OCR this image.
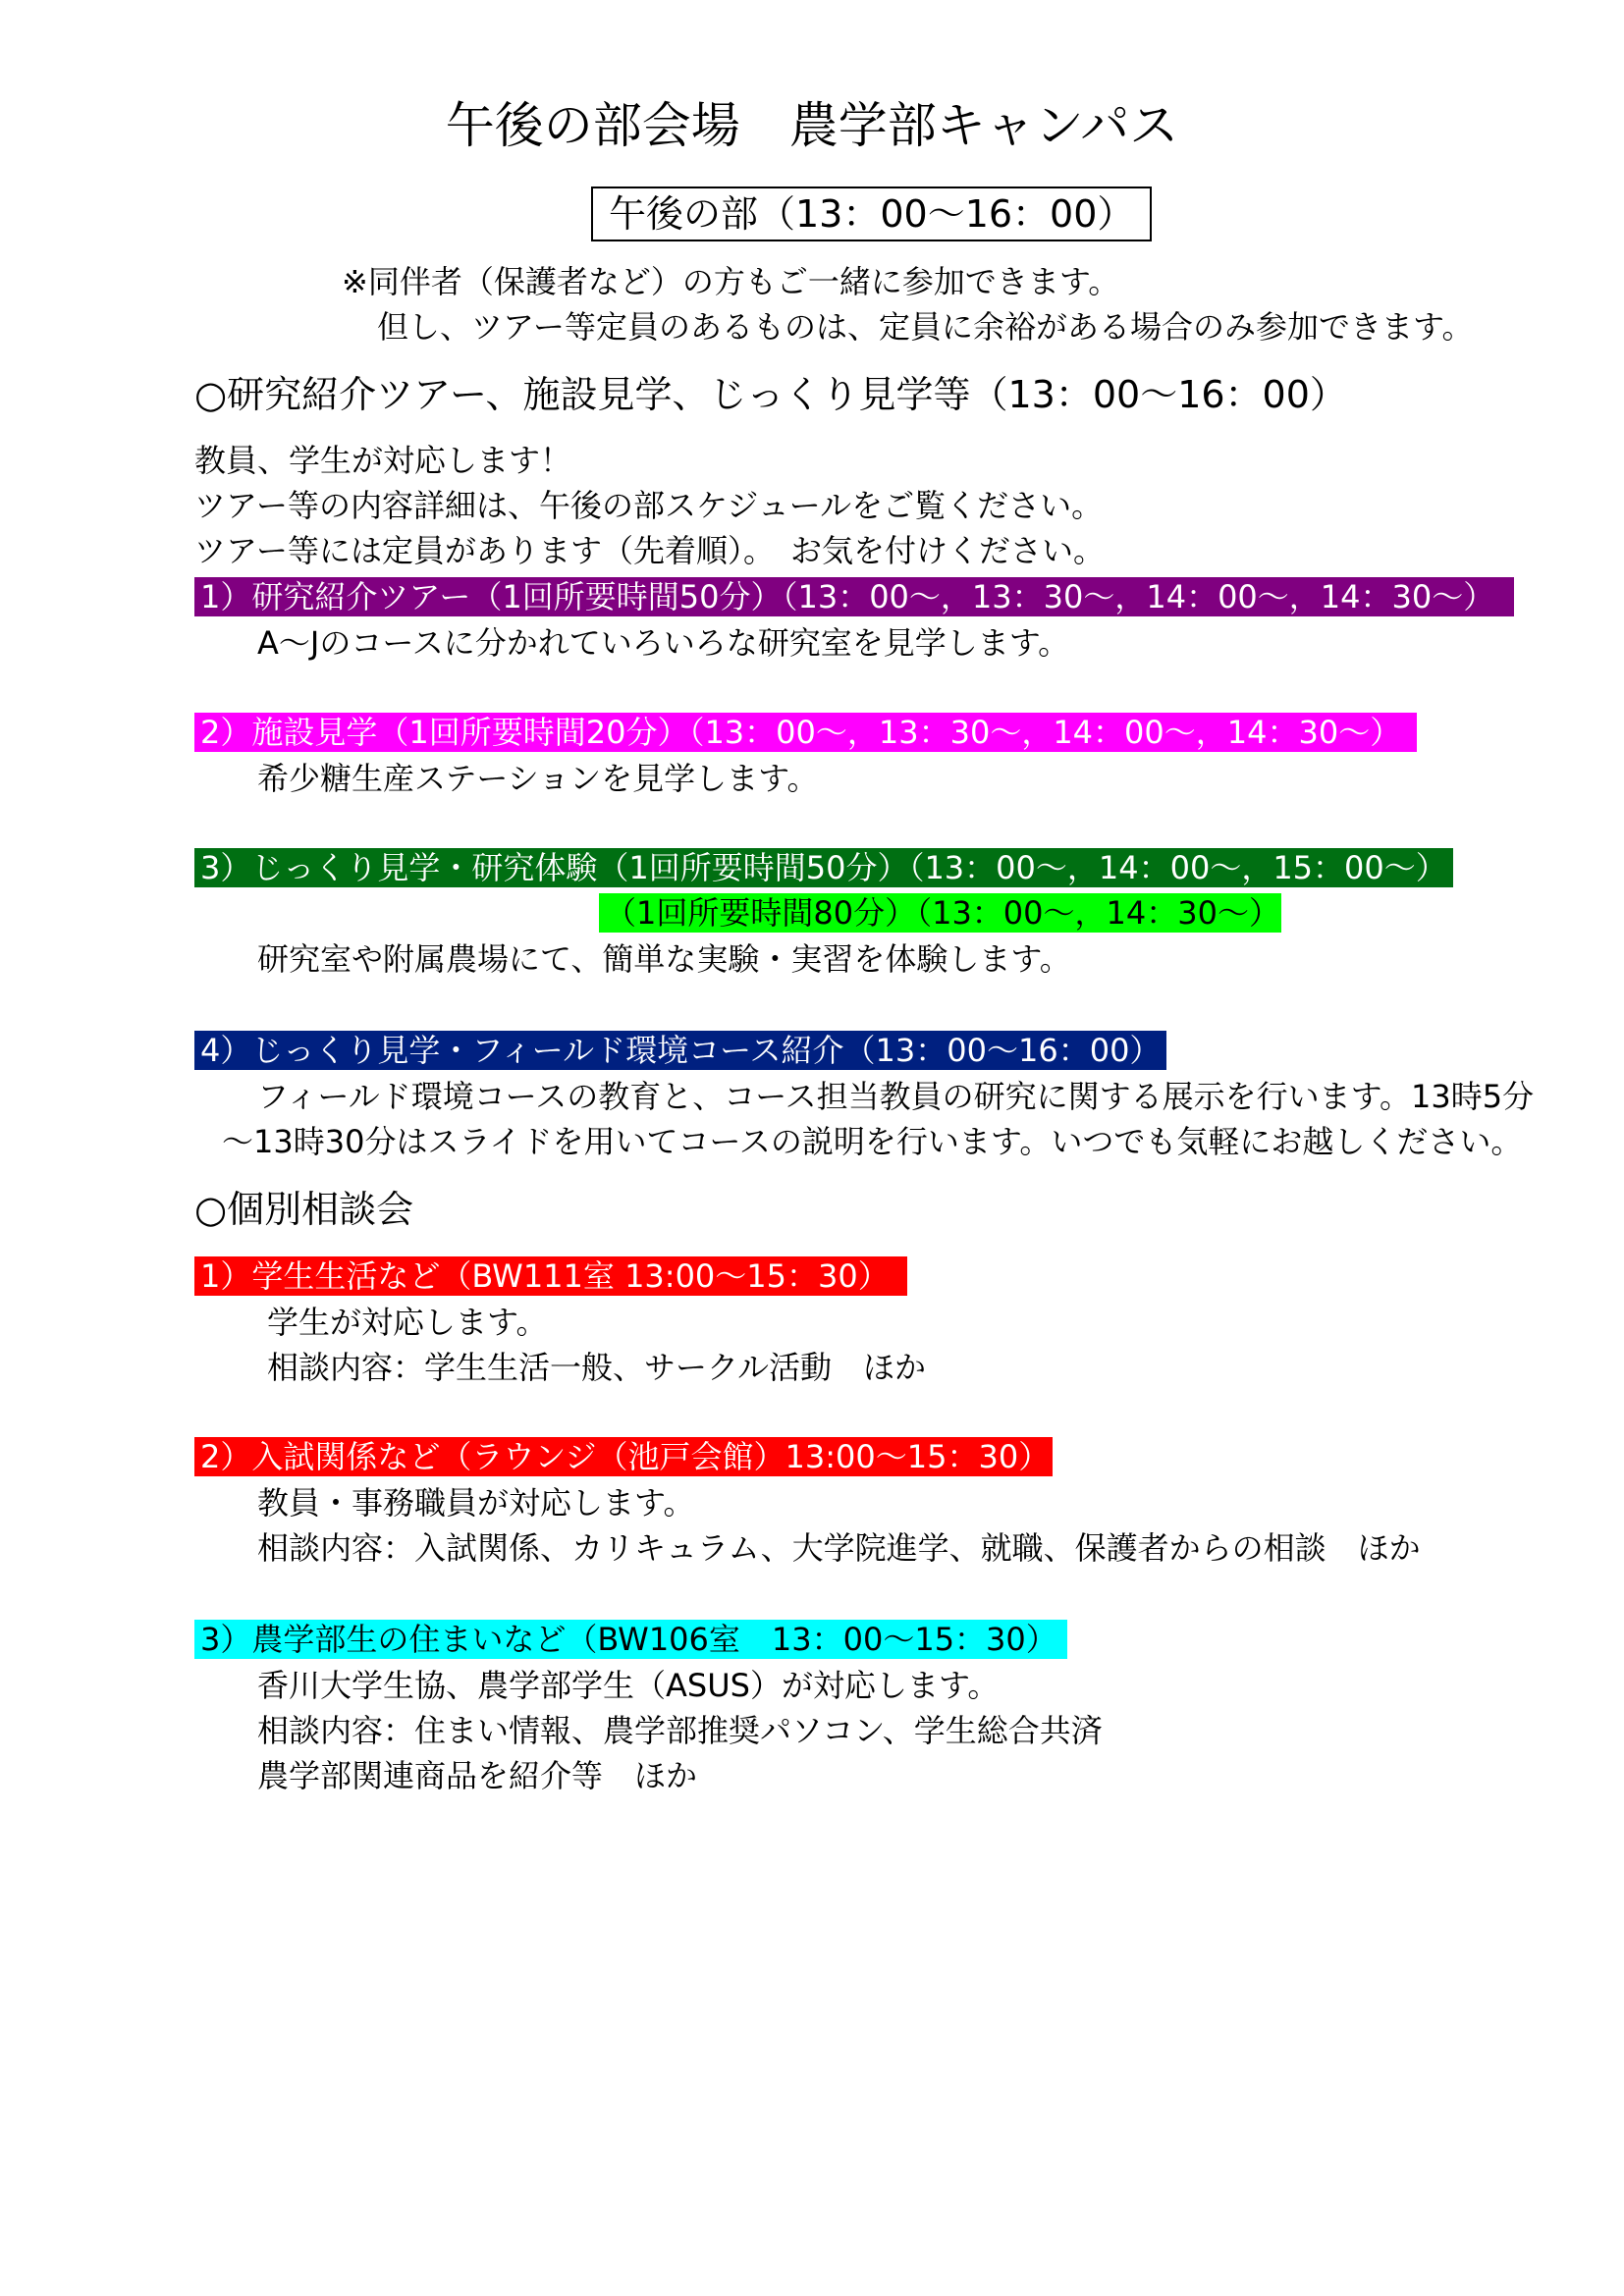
午後の部会場　農学部キャンパス
午後の部（13：00〜16：00）
※同伴者（保護者など）の方もご一緒に参加できます。
但し、ツアー等定員のあるものは、定員に余裕がある場合のみ参加できます。
○研究紹介ツアー、施設見学、じっくり見学等（13：00〜16：00）
教員、学生が対応します！
ツアー等の内容詳細は、午後の部スケジュールをご覧ください。
ツアー等には定員があります（先着順）。　お気を付けください。
1）研究紹介ツアー（1回所要時間50分）（13：00〜，13：30〜，14：00〜，14：30〜）
A〜Jのコースに分かれていろいろな研究室を見学します。
2）施設見学（1回所要時間20分）（13：00〜，13：30〜，14：00〜，14：30〜）
希少糖生産ステーションを見学します。
3）じっくり見学・研究体験（1回所要時間50分）（13：00〜，14：00〜，15：00〜）
（1回所要時間80分）（13：00〜，14：30〜）
研究室や附属農場にて、簡単な実験・実習を体験します。
4）じっくり見学・フィールド環境コース紹介（13：00〜16：00）
フィールド環境コースの教育と、コース担当教員の研究に関する展示を行います。13時5分
〜13時30分はスライドを用いてコースの説明を行います。いつでも気軽にお越しください。
○個別相談会
1）学生生活など（BW111室 13:00〜15：30）
学生が対応します。
相談内容：学生生活一般、サークル活動　ほか
2）入試関係など（ラウンジ（池戸会館）13:00〜15：30）
教員・事務職員が対応します。
相談内容：入試関係、カリキュラム、大学院進学、就職、保護者からの相談　ほか
3）農学部生の住まいなど（BW106室　13：00〜15：30）
香川大学生協、農学部学生（ASUS）が対応します。
相談内容：住まい情報、農学部推奨パソコン、学生総合共済
農学部関連商品を紹介等　ほか
